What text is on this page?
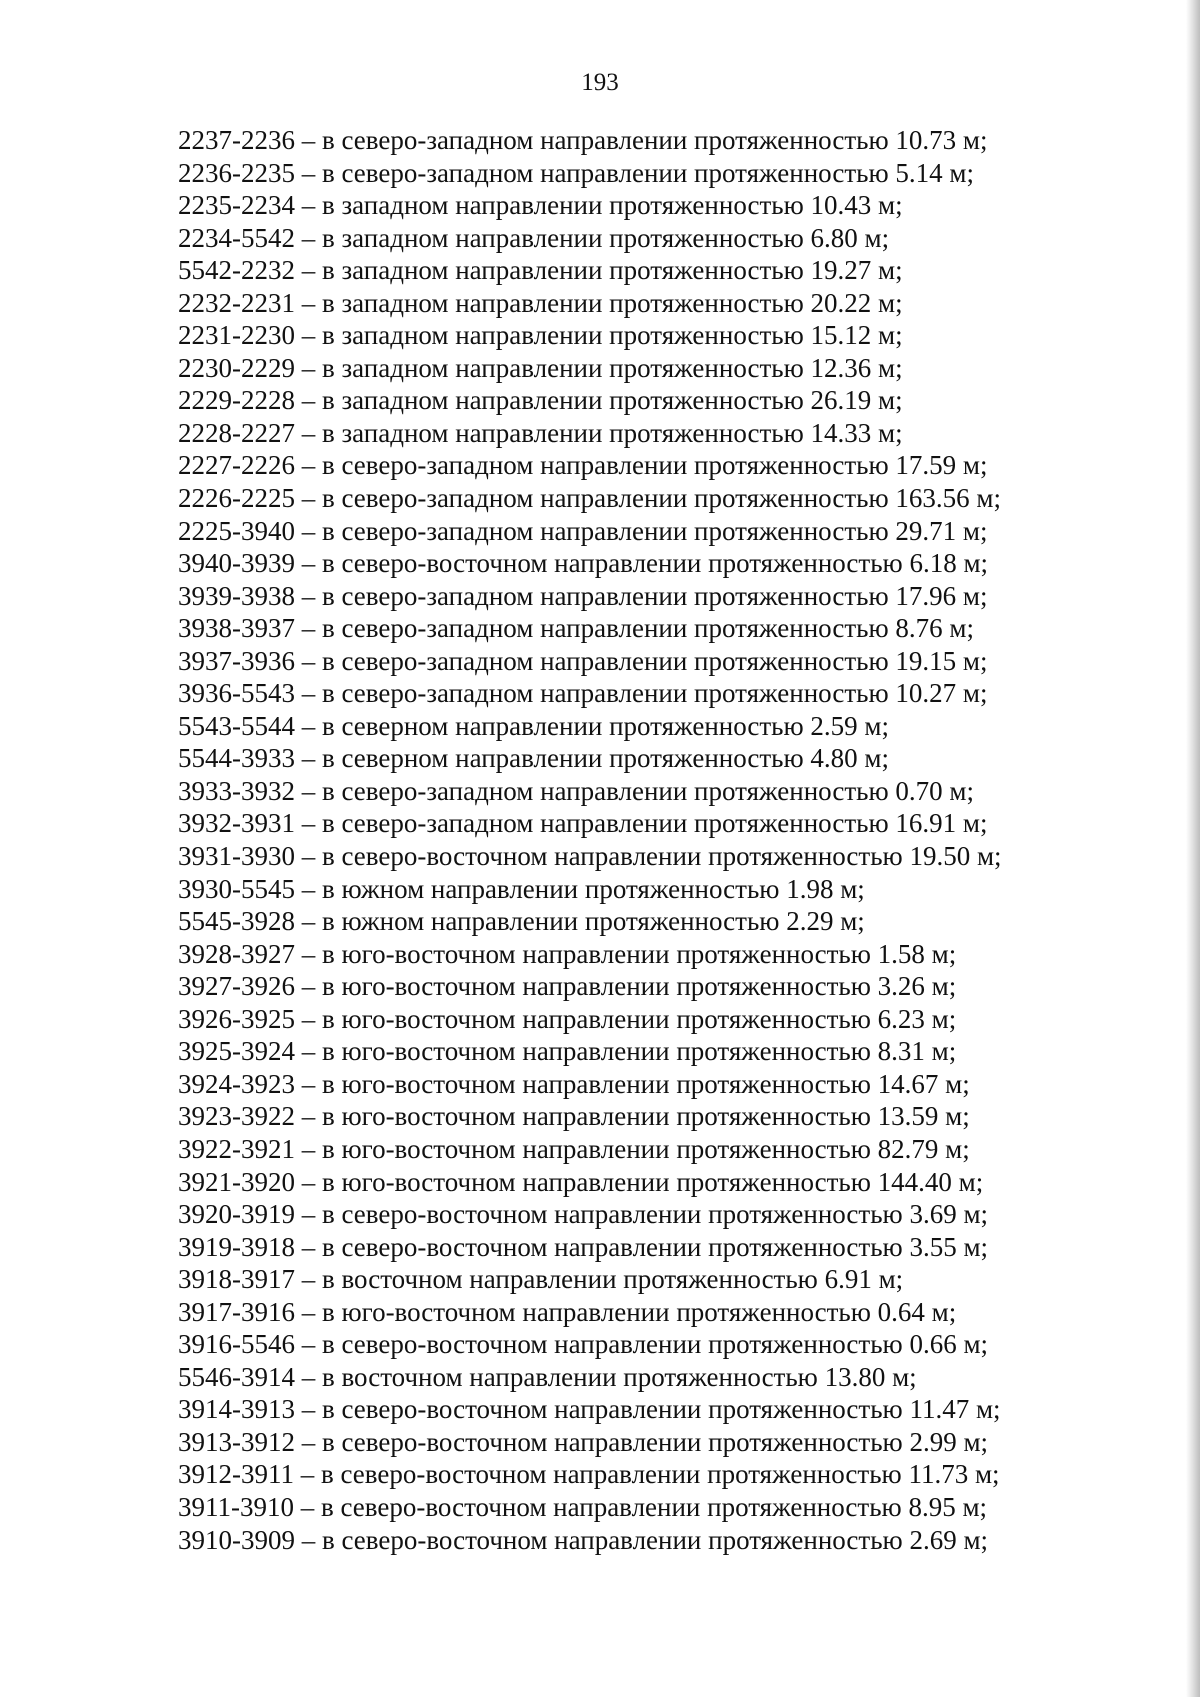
193
2237-2236 – в северо-западном направлении протяженностью 10.73 м;
2236-2235 – в северо-западном направлении протяженностью 5.14 м;
2235-2234 – в западном направлении протяженностью 10.43 м;
2234-5542 – в западном направлении протяженностью 6.80 м;
5542-2232 – в западном направлении протяженностью 19.27 м;
2232-2231 – в западном направлении протяженностью 20.22 м;
2231-2230 – в западном направлении протяженностью 15.12 м;
2230-2229 – в западном направлении протяженностью 12.36 м;
2229-2228 – в западном направлении протяженностью 26.19 м;
2228-2227 – в западном направлении протяженностью 14.33 м;
2227-2226 – в северо-западном направлении протяженностью 17.59 м;
2226-2225 – в северо-западном направлении протяженностью 163.56 м;
2225-3940 – в северо-западном направлении протяженностью 29.71 м;
3940-3939 – в северо-восточном направлении протяженностью 6.18 м;
3939-3938 – в северо-западном направлении протяженностью 17.96 м;
3938-3937 – в северо-западном направлении протяженностью 8.76 м;
3937-3936 – в северо-западном направлении протяженностью 19.15 м;
3936-5543 – в северо-западном направлении протяженностью 10.27 м;
5543-5544 – в северном направлении протяженностью 2.59 м;
5544-3933 – в северном направлении протяженностью 4.80 м;
3933-3932 – в северо-западном направлении протяженностью 0.70 м;
3932-3931 – в северо-западном направлении протяженностью 16.91 м;
3931-3930 – в северо-восточном направлении протяженностью 19.50 м;
3930-5545 – в южном направлении протяженностью 1.98 м;
5545-3928 – в южном направлении протяженностью 2.29 м;
3928-3927 – в юго-восточном направлении протяженностью 1.58 м;
3927-3926 – в юго-восточном направлении протяженностью 3.26 м;
3926-3925 – в юго-восточном направлении протяженностью 6.23 м;
3925-3924 – в юго-восточном направлении протяженностью 8.31 м;
3924-3923 – в юго-восточном направлении протяженностью 14.67 м;
3923-3922 – в юго-восточном направлении протяженностью 13.59 м;
3922-3921 – в юго-восточном направлении протяженностью 82.79 м;
3921-3920 – в юго-восточном направлении протяженностью 144.40 м;
3920-3919 – в северо-восточном направлении протяженностью 3.69 м;
3919-3918 – в северо-восточном направлении протяженностью 3.55 м;
3918-3917 – в восточном направлении протяженностью 6.91 м;
3917-3916 – в юго-восточном направлении протяженностью 0.64 м;
3916-5546 – в северо-восточном направлении протяженностью 0.66 м;
5546-3914 – в восточном направлении протяженностью 13.80 м;
3914-3913 – в северо-восточном направлении протяженностью 11.47 м;
3913-3912 – в северо-восточном направлении протяженностью 2.99 м;
3912-3911 – в северо-восточном направлении протяженностью 11.73 м;
3911-3910 – в северо-восточном направлении протяженностью 8.95 м;
3910-3909 – в северо-восточном направлении протяженностью 2.69 м;
